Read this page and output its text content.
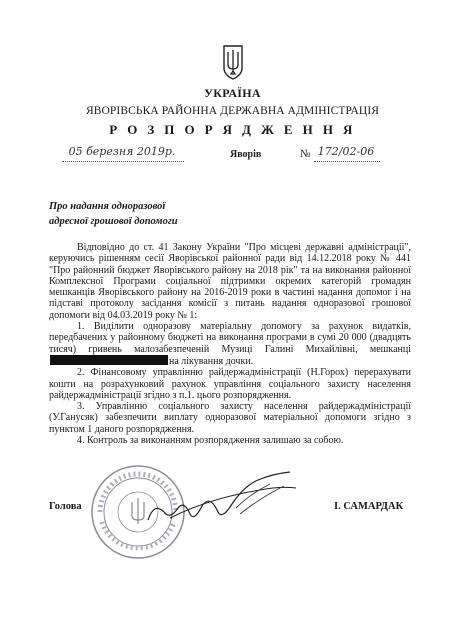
УКРАЇНА
ЯВОРІВСЬКА РАЙОННА ДЕРЖАВНА АДМІНІСТРАЦІЯ
Р О З П О Р Я Д Ж Е Н Н Я
05 березня 2019р.	Яворів	№ 172/02-06
Про надання одноразової
адресної грошової допомоги

Відповідно до ст. 41 Закону України "Про місцеві державні адміністрації", керуючись рішенням сесії Яворівської районної ради від 14.12.2018 року № 441 "Про районний бюджет Яворівського району на 2018 рік" та на виконання районної Комплексної Програми соціальної підтримки окремих категорій громадян мешканців Яворівського району на 2016-2019 роки в частині надання допомог і на підставі протоколу засідання комісії з питань надання одноразової грошової допомоги від 04.03.2019 року № 1:

1. Виділити одноразову матеріальну допомогу за рахунок видатків, передбачених у районному бюджеті на виконання програми в сумі 20 000 (двадцять тисяч) гривень малозабезпеченій Музиці Галині Михайлівні, мешканці на лікування дочки.

2. Фінансовому управлінню райдержадміністрації (Н.Горох) перерахувати кошти на розрахунковий рахунок управління соціального захисту населення райдержадміністрації згідно з п.1. цього розпорядження.

3. Управлінню соціального захисту населення райдержадміністрації (У.Ганусяк) забезпечити виплату одноразової матеріальної допомоги згідно з пунктом 1 даного розпорядження.

4. Контроль за виконанням розпорядження залишаю за собою.

Голова	І. САМАРДАК
